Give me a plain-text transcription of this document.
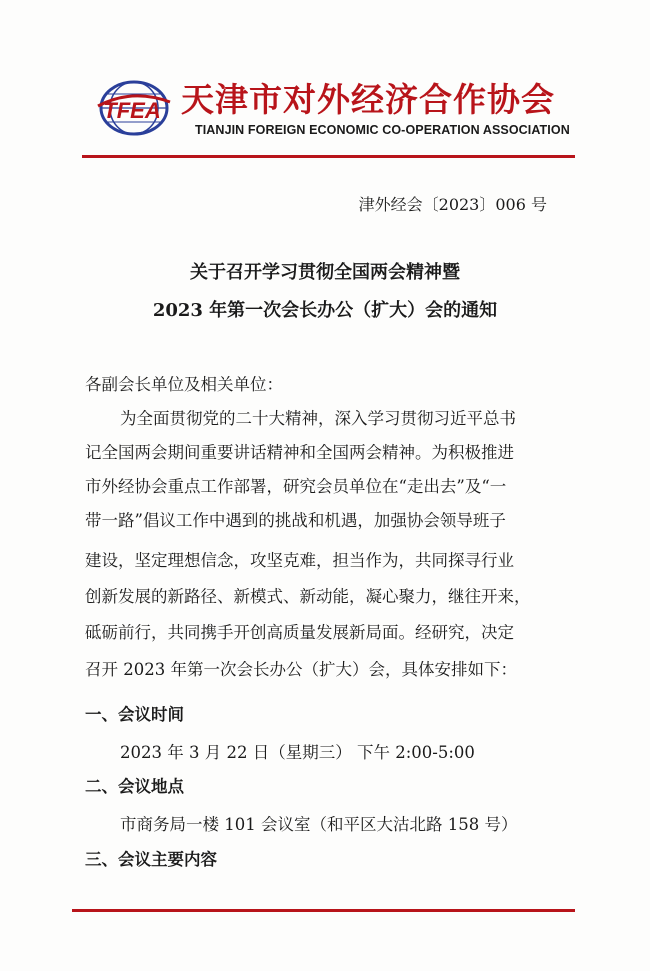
TFEA 天津市对外经济合作协会
TIANJIN FOREIGN ECONOMIC CO-OPERATION ASSOCIATION
津外经会〔2023〕006 号
关于召开学习贯彻全国两会精神暨
2023 年第一次会长办公（扩大）会的通知
各副会长单位及相关单位：
为全面贯彻党的二十大精神，深入学习贯彻习近平总书
记全国两会期间重要讲话精神和全国两会精神。为积极推进
市外经协会重点工作部署，研究会员单位在“走出去”及“一
带一路”倡议工作中遇到的挑战和机遇，加强协会领导班子
建设，坚定理想信念，攻坚克难，担当作为，共同探寻行业
创新发展的新路径、新模式、新动能，凝心聚力，继往开来，
砥砺前行，共同携手开创高质量发展新局面。经研究，决定
召开 2023 年第一次会长办公（扩大）会，具体安排如下：
一、会议时间
2023 年 3 月 22 日（星期三） 下午 2:00-5:00
二、会议地点
市商务局一楼 101 会议室（和平区大沽北路 158 号）
三、会议主要内容
